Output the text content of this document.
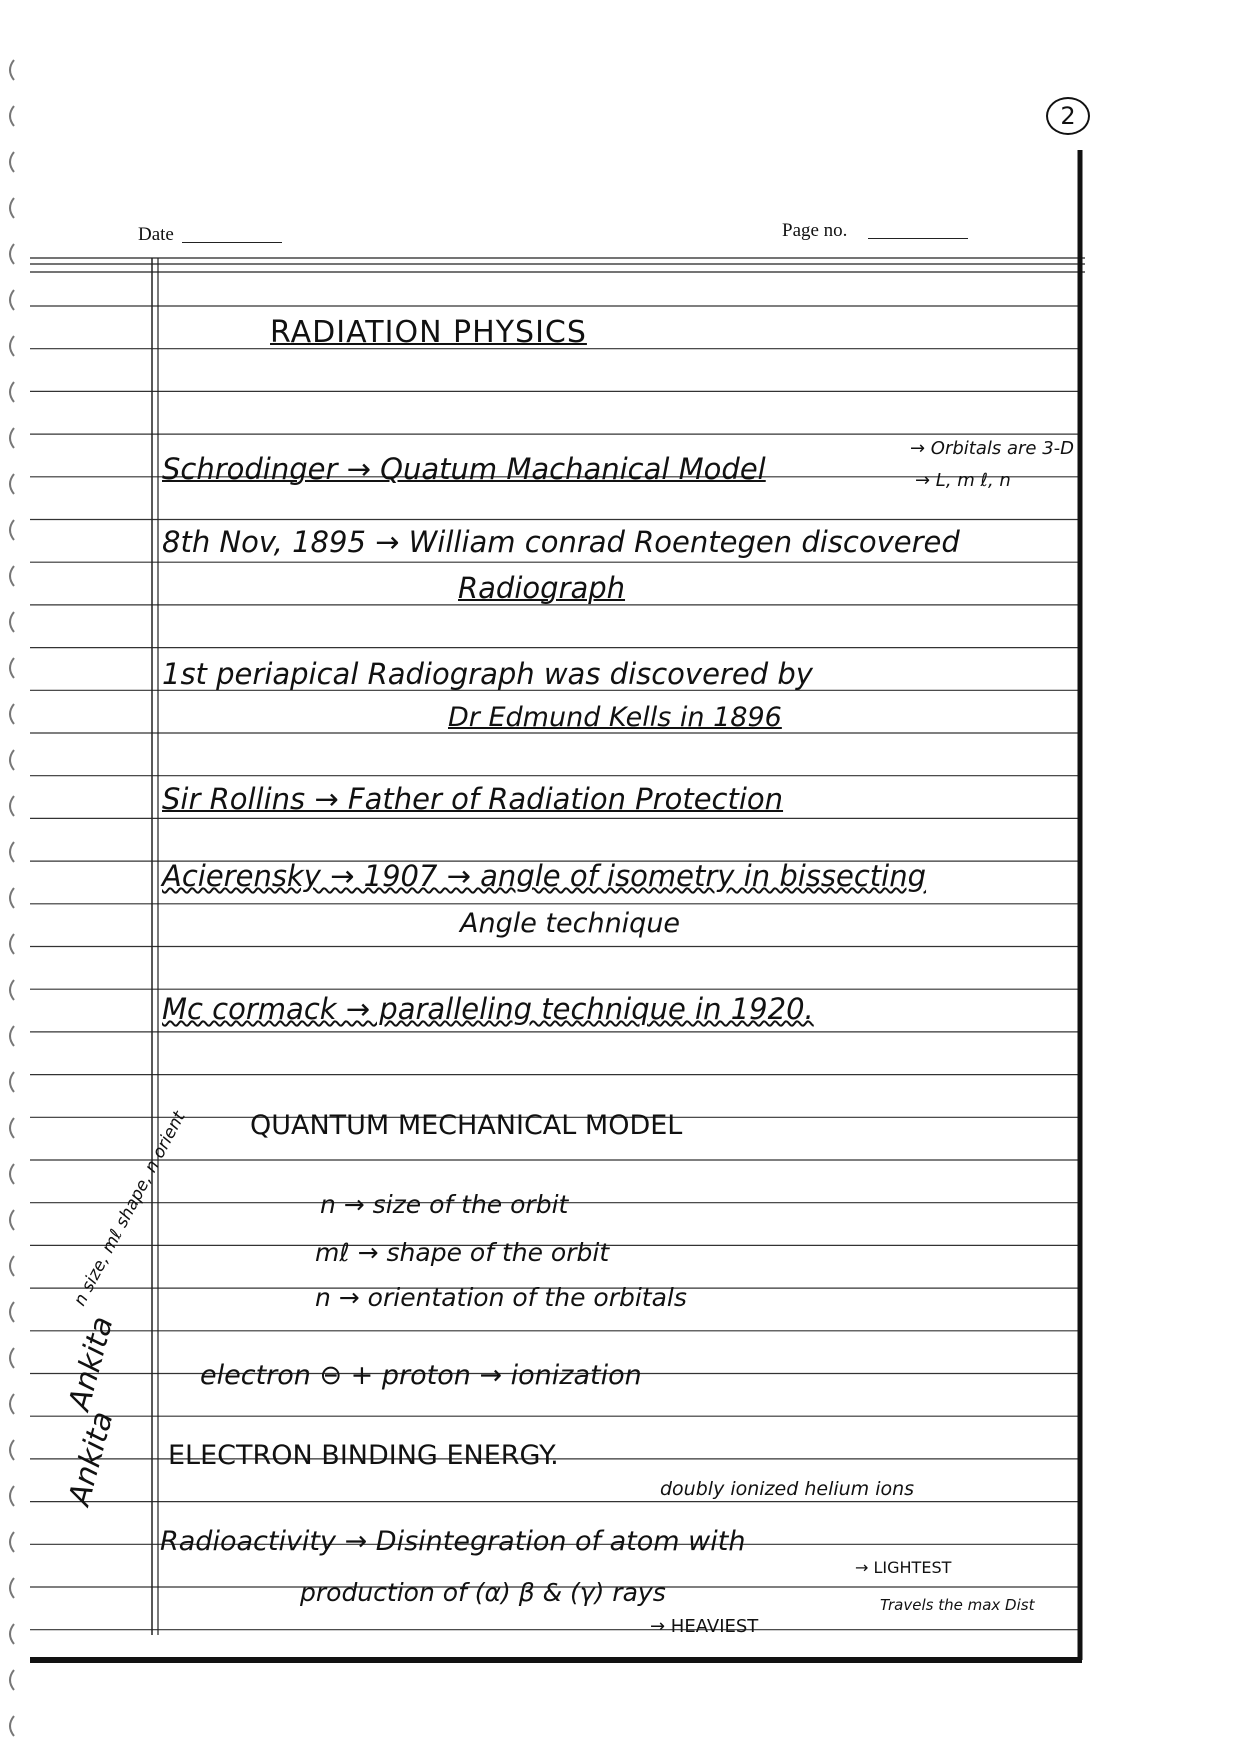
2
Date	Page no.
RADIATION PHYSICS
Schrodinger → Quatum Machanical Model
→ Orbitals are 3-D
→ L, m ℓ, n
8th Nov, 1895 → William conrad Roentegen discovered
Radiograph
1st periapical Radiograph was discovered by
Dr Edmund Kells in 1896
Sir Rollins → Father of Radiation Protection
Acierensky → 1907 → angle of isometry in bissecting
Angle technique
Mc cormack → paralleling technique in 1920.
QUANTUM MECHANICAL MODEL
n → size of the orbit
mℓ → shape of the orbit
n → orientation of the orbitals
electron ⊖ + proton → ionization
ELECTRON BINDING ENERGY.
doubly ionized helium ions
Radioactivity → Disintegration of atom with
production of (α) β & (γ) rays
→ LIGHTEST
→ HEAVIEST
Travels the max Dist
n size, mℓ shape, n orient
Ankita
Ankita
